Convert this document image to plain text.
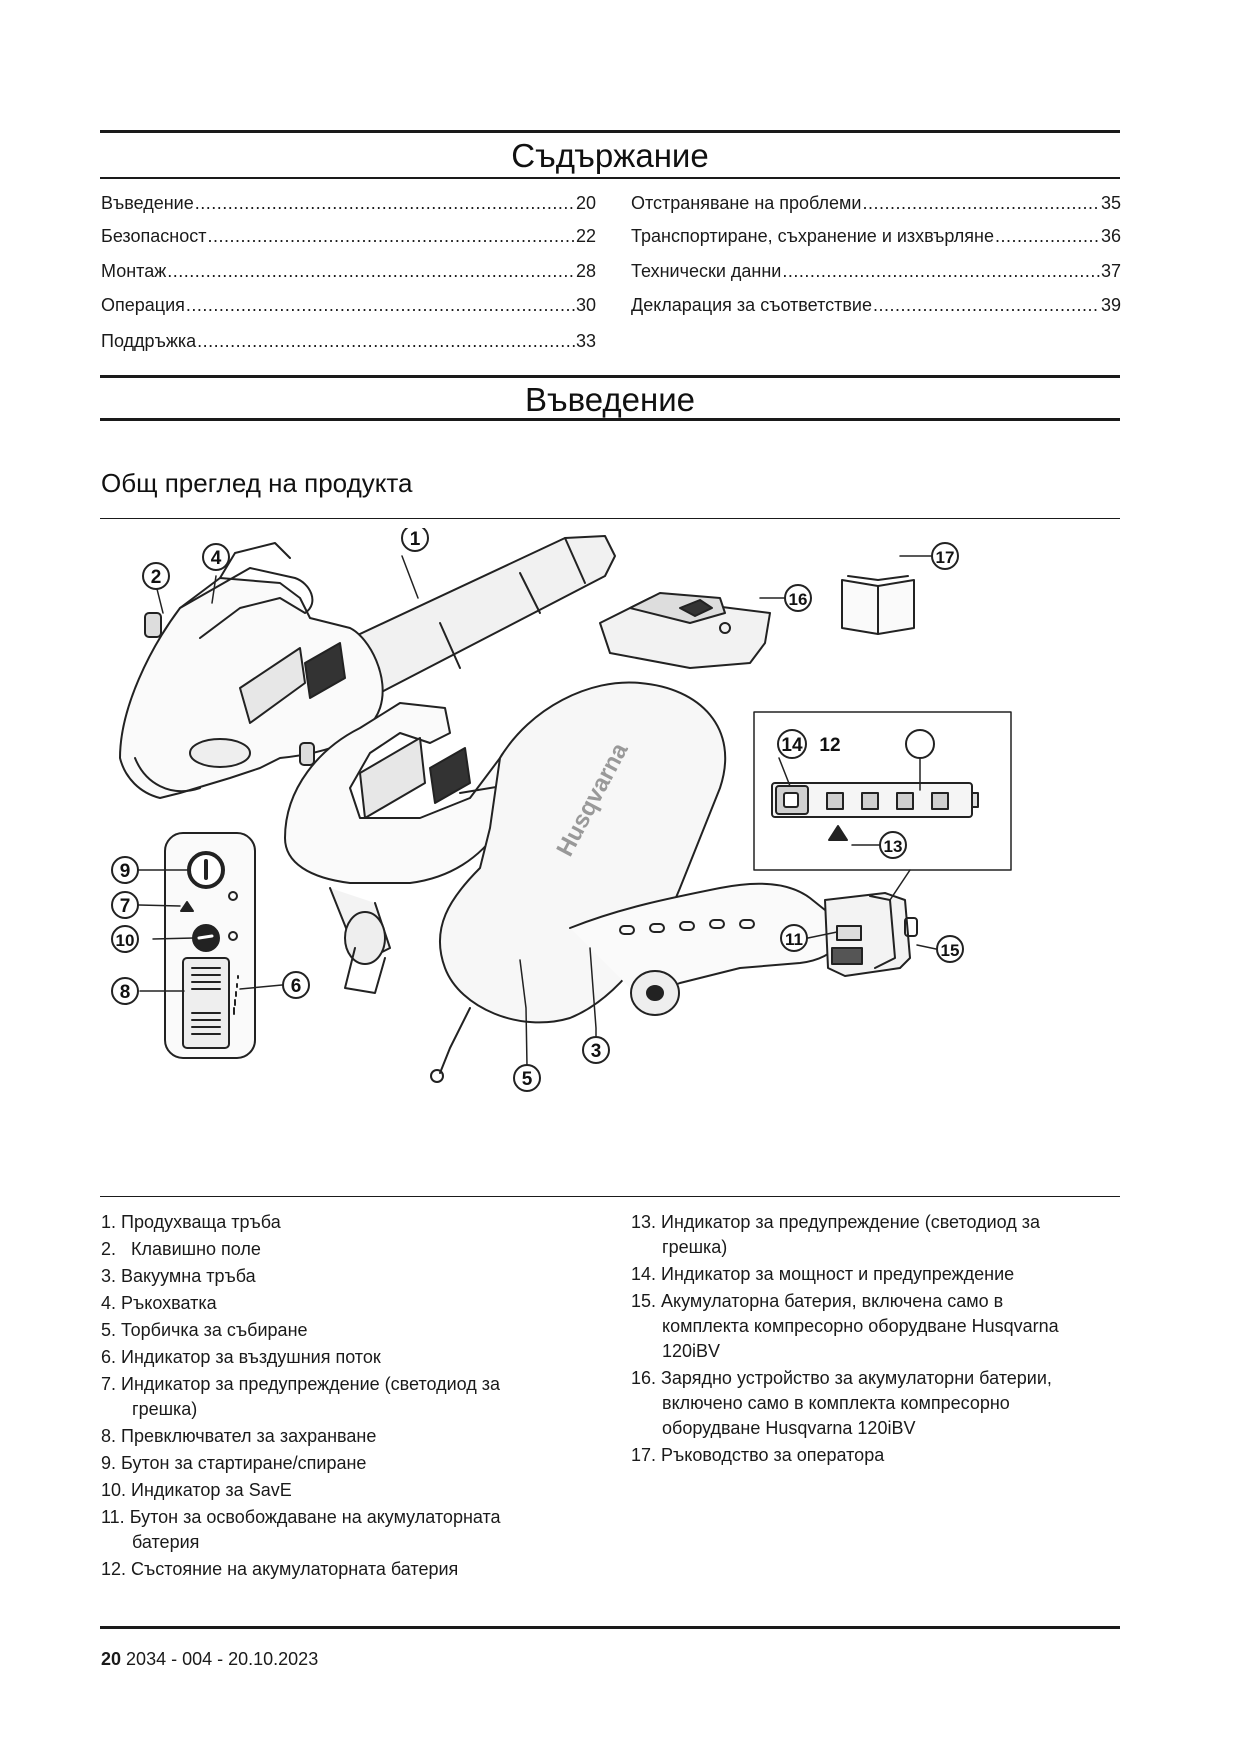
Съдържание
Въведение .....	20
Безопасност .....	22
Монтаж .....	28
Операция .....	30
Поддръжка .....	33
Отстраняване на проблеми .....	35
Транспортиране, съхранение и изхвърляне .....	36
Технически данни .....	37
Декларация за съответствие .....	39
Въведение
Общ преглед на продукта
1
2
3
4
5
6
7
8
9
10	11
12
13
14
15
16
17
Husqvarna
1. Продухваща тръба
2. Клавишно поле
3. Вакуумна тръба
4. Ръкохватка
5. Торбичка за събиране
6. Индикатор за въздушния поток
7. Индикатор за предупреждение (светодиод за
грешка)
8. Превключвател за захранване
9. Бутон за стартиране/спиране
10. Индикатор за SavE
11. Бутон за освобождаване на акумулаторната
батерия
12. Състояние на акумулаторната батерия
13. Индикатор за предупреждение (светодиод за
грешка)
14. Индикатор за мощност и предупреждение
15. Акумулаторна батерия, включена само в
комплекта компресорно оборудване Husqvarna
120iBV
16. Зарядно устройство за акумулаторни батерии,
включено само в комплекта компресорно
оборудване Husqvarna 120iBV
17. Ръководство за оператора
20 2034 - 004 - 20.10.2023
